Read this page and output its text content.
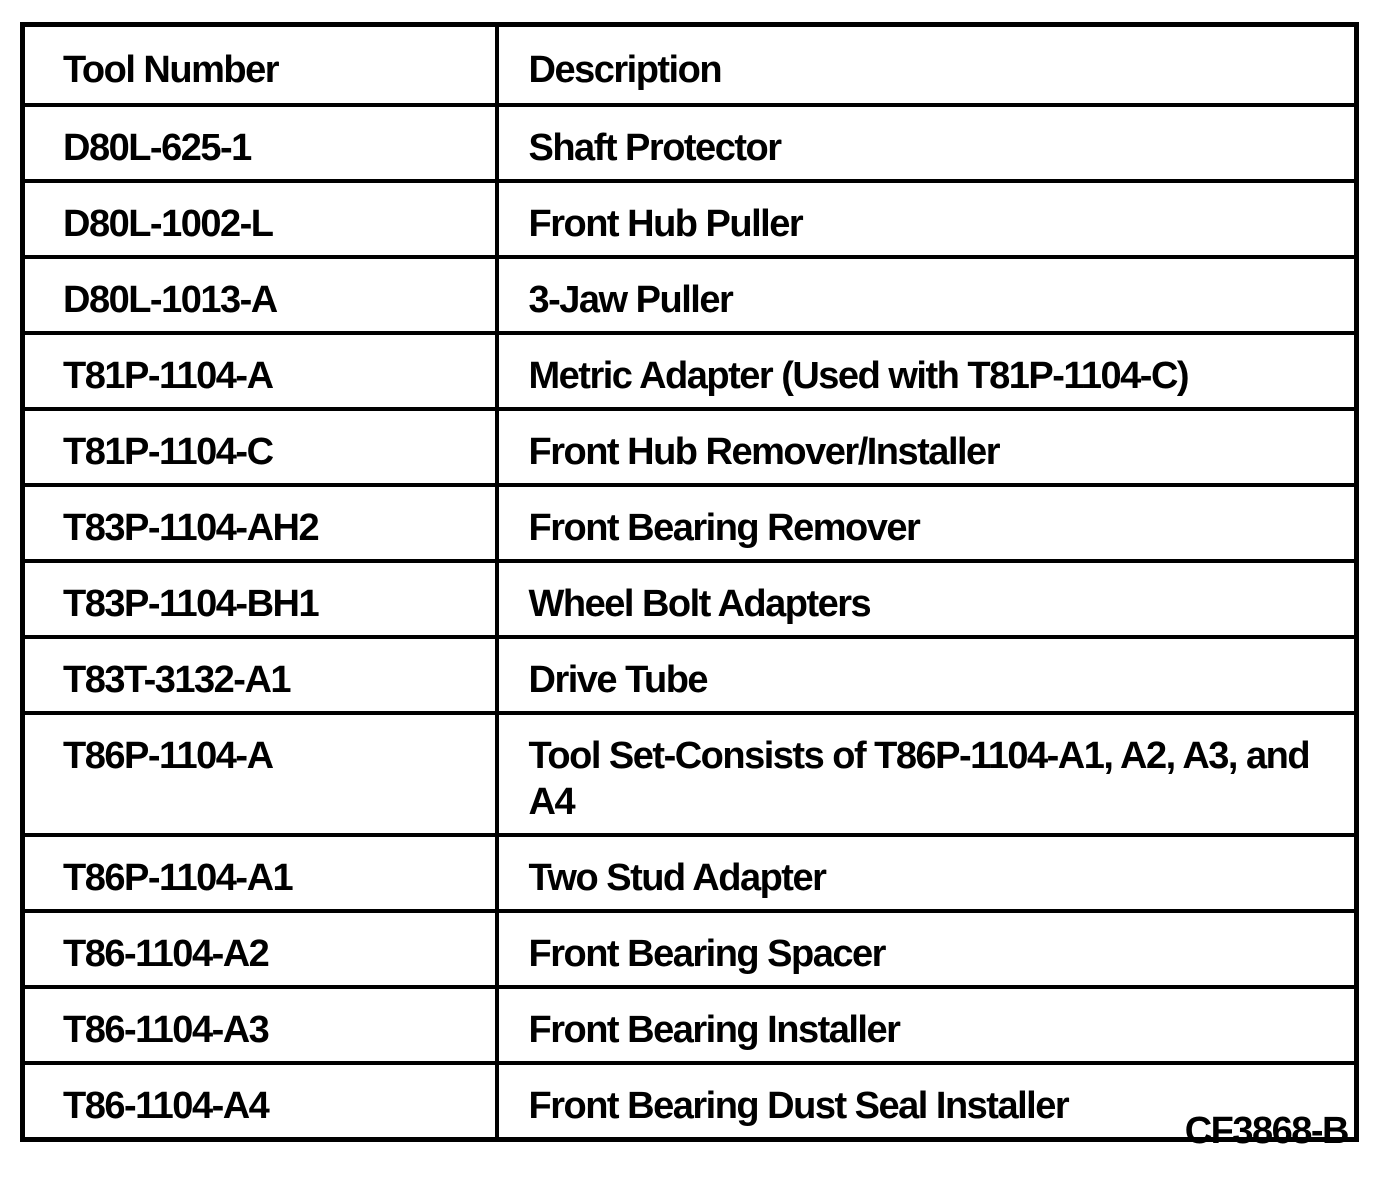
Tool Number	Description
D80L-625-1	Shaft Protector
D80L-1002-L	Front Hub Puller
D80L-1013-A	3-Jaw Puller
T81P-1104-A	Metric Adapter (Used with T81P-1104-C)
T81P-1104-C	Front Hub Remover/Installer
T83P-1104-AH2	Front Bearing Remover
T83P-1104-BH1	Wheel Bolt Adapters
T83T-3132-A1	Drive Tube
T86P-1104-A	Tool Set-Consists of T86P-1104-A1, A2, A3, and A4
T86P-1104-A1	Two Stud Adapter
T86-1104-A2	Front Bearing Spacer
T86-1104-A3	Front Bearing Installer
T86-1104-A4	Front Bearing Dust Seal Installer
CF3868-B
